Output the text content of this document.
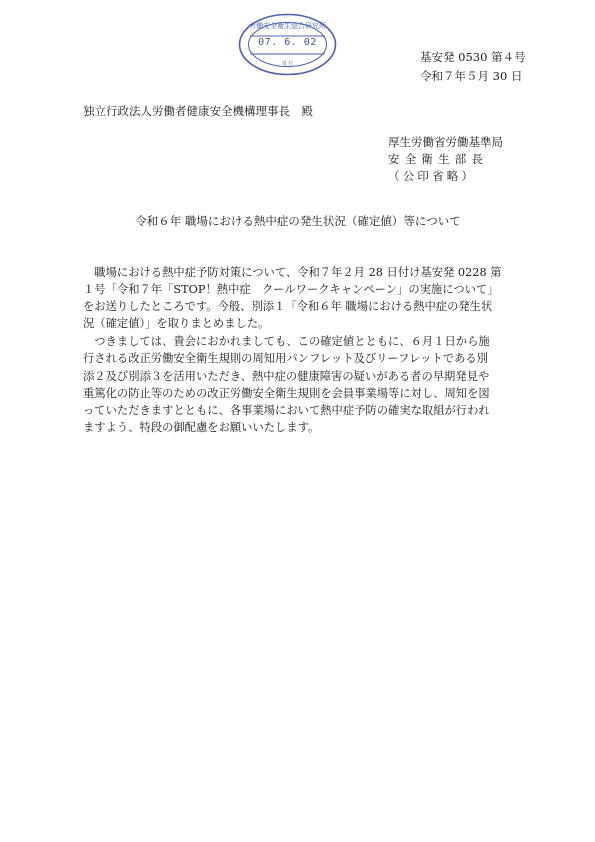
労働安全衛生総合研究所
受 付
07. 6. 02
基安発 0530 第４号
令和７年５月 30 日
独立行政法人労働者健康安全機構理事長　殿
厚生労働省労働基準局
安全衛生部長
（公印省略）
令和６年 職場における熱中症の発生状況（確定値）等について

　職場における熱中症予防対策について、令和７年２月 28 日付け基安発 0228 第
１号「令和７年「STOP！熱中症　クールワークキャンペーン」の実施について」
をお送りしたところです。今般、別添１「令和６年 職場における熱中症の発生状
況（確定値）」を取りまとめました。

　つきましては、貴会におかれましても、この確定値とともに、６月１日から施
行される改正労働安全衛生規則の周知用パンフレット及びリーフレットである別
添２及び別添３を活用いただき、熱中症の健康障害の疑いがある者の早期発見や
重篤化の防止等のための改正労働安全衛生規則を会員事業場等に対し、周知を図
っていただきますとともに、各事業場において熱中症予防の確実な取組が行われ
ますよう、特段の御配慮をお願いいたします。
